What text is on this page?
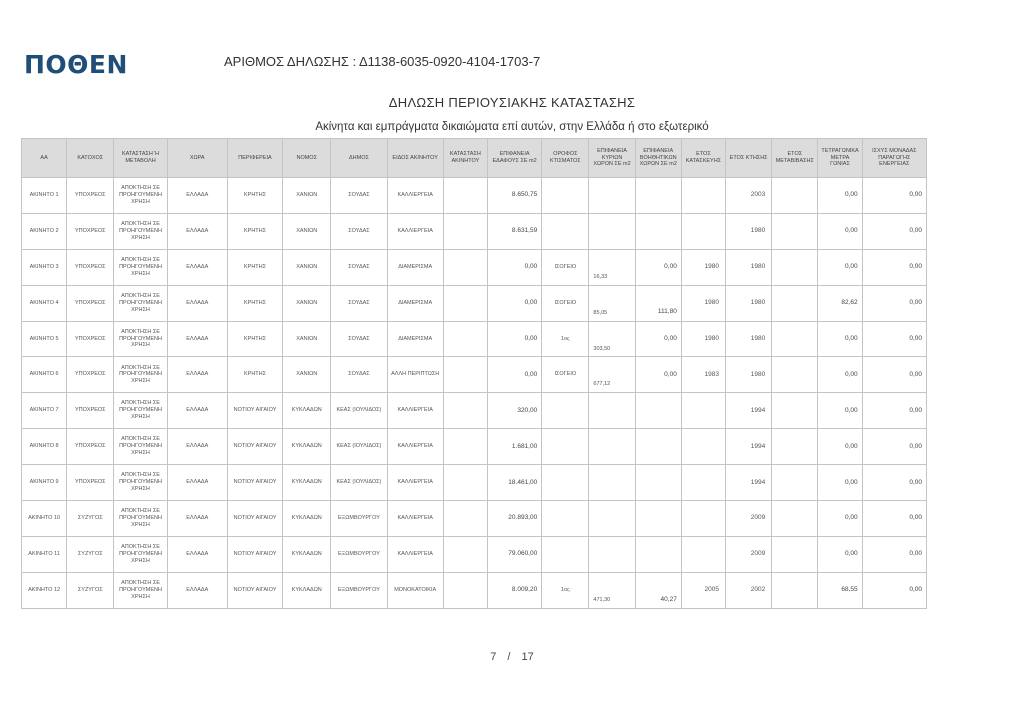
ΠΟΘΕΝ	ΑΡΙΘΜΟΣ ΔΗΛΩΣΗΣ : Δ1138-6035-0920-4104-1703-7
ΔΗΛΩΣΗ ΠΕΡΙΟΥΣΙΑΚΗΣ ΚΑΤΑΣΤΑΣΗΣ
Ακίνητα και εμπράγματα δικαιώματα επί αυτών, στην Ελλάδα ή στο εξωτερικό
ΑΑ	ΚΑΤΟΧΟΣ	ΚΑΤΑΣΤΑΣΗ Ή ΜΕΤΑΒΟΛΗ	ΧΩΡΑ	ΠΕΡΙΦΕΡΕΙΑ	ΝΟΜΟΣ	ΔΗΜΟΣ	ΕΙΔΟΣ ΑΚΙΝΗΤΟΥ	ΚΑΤΑΣΤΑΣΗ ΑΚΙΝΗΤΟΥ	ΕΠΙΦΑΝΕΙΑ ΕΔΑΦΟΥΣ ΣΕ m2	ΟΡΟΦΟΣ ΚΤΙΣΜΑΤΟΣ	ΕΠΙΦΑΝΕΙΑ ΚΥΡΙΩΝ ΧΩΡΩΝ ΣΕ m2	ΕΠΙΦΑΝΕΙΑ ΒΟΗΘΗΤΙΚΩΝ ΧΩΡΩΝ ΣΕ m2	ΕΤΟΣ ΚΑΤΑΣΚΕΥΗΣ	ΕΤΟΣ ΚΤΗΣΗΣ	ΕΤΟΣ ΜΕΤΑΒΙΒΑΣΗΣ	ΤΕΤΡΑΓΩΝΙΚΑ ΜΕΤΡΑ ΓΩΝΙΑΣ	ΙΣΧΥΣ ΜΟΝΑΔΑΣ ΠΑΡΑΓΩΓΗΣ ΕΝΕΡΓΕΙΑΣ
ΑΚΙΝΗΤΟ 1	ΥΠΟΧΡΕΟΣ	ΑΠΟΚΤΗΣΗ ΣΕ ΠΡΟΗΓΟΥΜΕΝΗ ΧΡΗΣΗ	ΕΛΛΑΔΑ	ΚΡΗΤΗΣ	ΧΑΝΙΩΝ	ΣΟΥΔΑΣ	ΚΑΛΛΙΕΡΓΕΙΑ		8.650,75					2003		0,00	0,00
ΑΚΙΝΗΤΟ 2	ΥΠΟΧΡΕΟΣ	ΑΠΟΚΤΗΣΗ ΣΕ ΠΡΟΗΓΟΥΜΕΝΗ ΧΡΗΣΗ	ΕΛΛΑΔΑ	ΚΡΗΤΗΣ	ΧΑΝΙΩΝ	ΣΟΥΔΑΣ	ΚΑΛΛΙΕΡΓΕΙΑ		8.631,59					1980		0,00	0,00
ΑΚΙΝΗΤΟ 3	ΥΠΟΧΡΕΟΣ	ΑΠΟΚΤΗΣΗ ΣΕ ΠΡΟΗΓΟΥΜΕΝΗ ΧΡΗΣΗ	ΕΛΛΑΔΑ	ΚΡΗΤΗΣ	ΧΑΝΙΩΝ	ΣΟΥΔΑΣ	ΔΙΑΜΕΡΙΣΜΑ		0,00	ΙΣΟΓΕΙΟ	16,33	0,00	1980	1980		0,00	0,00
ΑΚΙΝΗΤΟ 4	ΥΠΟΧΡΕΟΣ	ΑΠΟΚΤΗΣΗ ΣΕ ΠΡΟΗΓΟΥΜΕΝΗ ΧΡΗΣΗ	ΕΛΛΑΔΑ	ΚΡΗΤΗΣ	ΧΑΝΙΩΝ	ΣΟΥΔΑΣ	ΔΙΑΜΕΡΙΣΜΑ		0,00	ΙΣΟΓΕΙΟ	85,05	111,80	1980	1980		82,62	0,00
ΑΚΙΝΗΤΟ 5	ΥΠΟΧΡΕΟΣ	ΑΠΟΚΤΗΣΗ ΣΕ ΠΡΟΗΓΟΥΜΕΝΗ ΧΡΗΣΗ	ΕΛΛΑΔΑ	ΚΡΗΤΗΣ	ΧΑΝΙΩΝ	ΣΟΥΔΑΣ	ΔΙΑΜΕΡΙΣΜΑ		0,00	1ος	303,50	0,00	1980	1980		0,00	0,00
ΑΚΙΝΗΤΟ 6	ΥΠΟΧΡΕΟΣ	ΑΠΟΚΤΗΣΗ ΣΕ ΠΡΟΗΓΟΥΜΕΝΗ ΧΡΗΣΗ	ΕΛΛΑΔΑ	ΚΡΗΤΗΣ	ΧΑΝΙΩΝ	ΣΟΥΔΑΣ	ΑΛΛΗ ΠΕΡΙΠΤΩΣΗ		0,00	ΙΣΟΓΕΙΟ	677,12	0,00	1983	1980		0,00	0,00
ΑΚΙΝΗΤΟ 7	ΥΠΟΧΡΕΟΣ	ΑΠΟΚΤΗΣΗ ΣΕ ΠΡΟΗΓΟΥΜΕΝΗ ΧΡΗΣΗ	ΕΛΛΑΔΑ	ΝΟΤΙΟΥ ΑΙΓΑΙΟΥ	ΚΥΚΛΑΔΩΝ	ΚΕΑΣ (ΙΟΥΛΙΔΟΣ)	ΚΑΛΛΙΕΡΓΕΙΑ		320,00					1994		0,00	0,00
ΑΚΙΝΗΤΟ 8	ΥΠΟΧΡΕΟΣ	ΑΠΟΚΤΗΣΗ ΣΕ ΠΡΟΗΓΟΥΜΕΝΗ ΧΡΗΣΗ	ΕΛΛΑΔΑ	ΝΟΤΙΟΥ ΑΙΓΑΙΟΥ	ΚΥΚΛΑΔΩΝ	ΚΕΑΣ (ΙΟΥΛΙΔΟΣ)	ΚΑΛΛΙΕΡΓΕΙΑ		1.681,00					1994		0,00	0,00
ΑΚΙΝΗΤΟ 9	ΥΠΟΧΡΕΟΣ	ΑΠΟΚΤΗΣΗ ΣΕ ΠΡΟΗΓΟΥΜΕΝΗ ΧΡΗΣΗ	ΕΛΛΑΔΑ	ΝΟΤΙΟΥ ΑΙΓΑΙΟΥ	ΚΥΚΛΑΔΩΝ	ΚΕΑΣ (ΙΟΥΛΙΔΟΣ)	ΚΑΛΛΙΕΡΓΕΙΑ		18.461,00					1994		0,00	0,00
ΑΚΙΝΗΤΟ 10	ΣΥΖΥΓΟΣ	ΑΠΟΚΤΗΣΗ ΣΕ ΠΡΟΗΓΟΥΜΕΝΗ ΧΡΗΣΗ	ΕΛΛΑΔΑ	ΝΟΤΙΟΥ ΑΙΓΑΙΟΥ	ΚΥΚΛΑΔΩΝ	ΕΞΩΜΒΟΥΡΓΟΥ	ΚΑΛΛΙΕΡΓΕΙΑ		20.893,00					2009		0,00	0,00
ΑΚΙΝΗΤΟ 11	ΣΥΖΥΓΟΣ	ΑΠΟΚΤΗΣΗ ΣΕ ΠΡΟΗΓΟΥΜΕΝΗ ΧΡΗΣΗ	ΕΛΛΑΔΑ	ΝΟΤΙΟΥ ΑΙΓΑΙΟΥ	ΚΥΚΛΑΔΩΝ	ΕΞΩΜΒΟΥΡΓΟΥ	ΚΑΛΛΙΕΡΓΕΙΑ		79.060,00					2009		0,00	0,00
ΑΚΙΝΗΤΟ 12	ΣΥΖΥΓΟΣ	ΑΠΟΚΤΗΣΗ ΣΕ ΠΡΟΗΓΟΥΜΕΝΗ ΧΡΗΣΗ	ΕΛΛΑΔΑ	ΝΟΤΙΟΥ ΑΙΓΑΙΟΥ	ΚΥΚΛΑΔΩΝ	ΕΞΩΜΒΟΥΡΓΟΥ	ΜΟΝΟΚΑΤΟΙΚΙΑ		8.009,20	1ος	471,30	40,27	2005	2002		68,55	0,00
7 / 17
